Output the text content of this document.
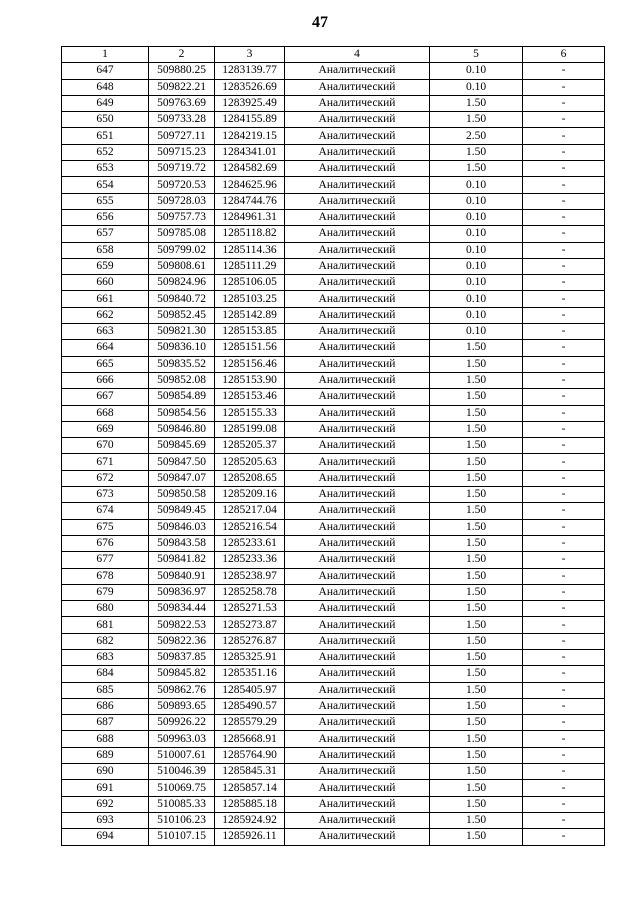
47
1	2	3	4	5	6
647	509880.25	1283139.77	Аналитический	0.10	-
648	509822.21	1283526.69	Аналитический	0.10	-
649	509763.69	1283925.49	Аналитический	1.50	-
650	509733.28	1284155.89	Аналитический	1.50	-
651	509727.11	1284219.15	Аналитический	2.50	-
652	509715.23	1284341.01	Аналитический	1.50	-
653	509719.72	1284582.69	Аналитический	1.50	-
654	509720.53	1284625.96	Аналитический	0.10	-
655	509728.03	1284744.76	Аналитический	0.10	-
656	509757.73	1284961.31	Аналитический	0.10	-
657	509785.08	1285118.82	Аналитический	0.10	-
658	509799.02	1285114.36	Аналитический	0.10	-
659	509808.61	1285111.29	Аналитический	0.10	-
660	509824.96	1285106.05	Аналитический	0.10	-
661	509840.72	1285103.25	Аналитический	0.10	-
662	509852.45	1285142.89	Аналитический	0.10	-
663	509821.30	1285153.85	Аналитический	0.10	-
664	509836.10	1285151.56	Аналитический	1.50	-
665	509835.52	1285156.46	Аналитический	1.50	-
666	509852.08	1285153.90	Аналитический	1.50	-
667	509854.89	1285153.46	Аналитический	1.50	-
668	509854.56	1285155.33	Аналитический	1.50	-
669	509846.80	1285199.08	Аналитический	1.50	-
670	509845.69	1285205.37	Аналитический	1.50	-
671	509847.50	1285205.63	Аналитический	1.50	-
672	509847.07	1285208.65	Аналитический	1.50	-
673	509850.58	1285209.16	Аналитический	1.50	-
674	509849.45	1285217.04	Аналитический	1.50	-
675	509846.03	1285216.54	Аналитический	1.50	-
676	509843.58	1285233.61	Аналитический	1.50	-
677	509841.82	1285233.36	Аналитический	1.50	-
678	509840.91	1285238.97	Аналитический	1.50	-
679	509836.97	1285258.78	Аналитический	1.50	-
680	509834.44	1285271.53	Аналитический	1.50	-
681	509822.53	1285273.87	Аналитический	1.50	-
682	509822.36	1285276.87	Аналитический	1.50	-
683	509837.85	1285325.91	Аналитический	1.50	-
684	509845.82	1285351.16	Аналитический	1.50	-
685	509862.76	1285405.97	Аналитический	1.50	-
686	509893.65	1285490.57	Аналитический	1.50	-
687	509926.22	1285579.29	Аналитический	1.50	-
688	509963.03	1285668.91	Аналитический	1.50	-
689	510007.61	1285764.90	Аналитический	1.50	-
690	510046.39	1285845.31	Аналитический	1.50	-
691	510069.75	1285857.14	Аналитический	1.50	-
692	510085.33	1285885.18	Аналитический	1.50	-
693	510106.23	1285924.92	Аналитический	1.50	-
694	510107.15	1285926.11	Аналитический	1.50	-
